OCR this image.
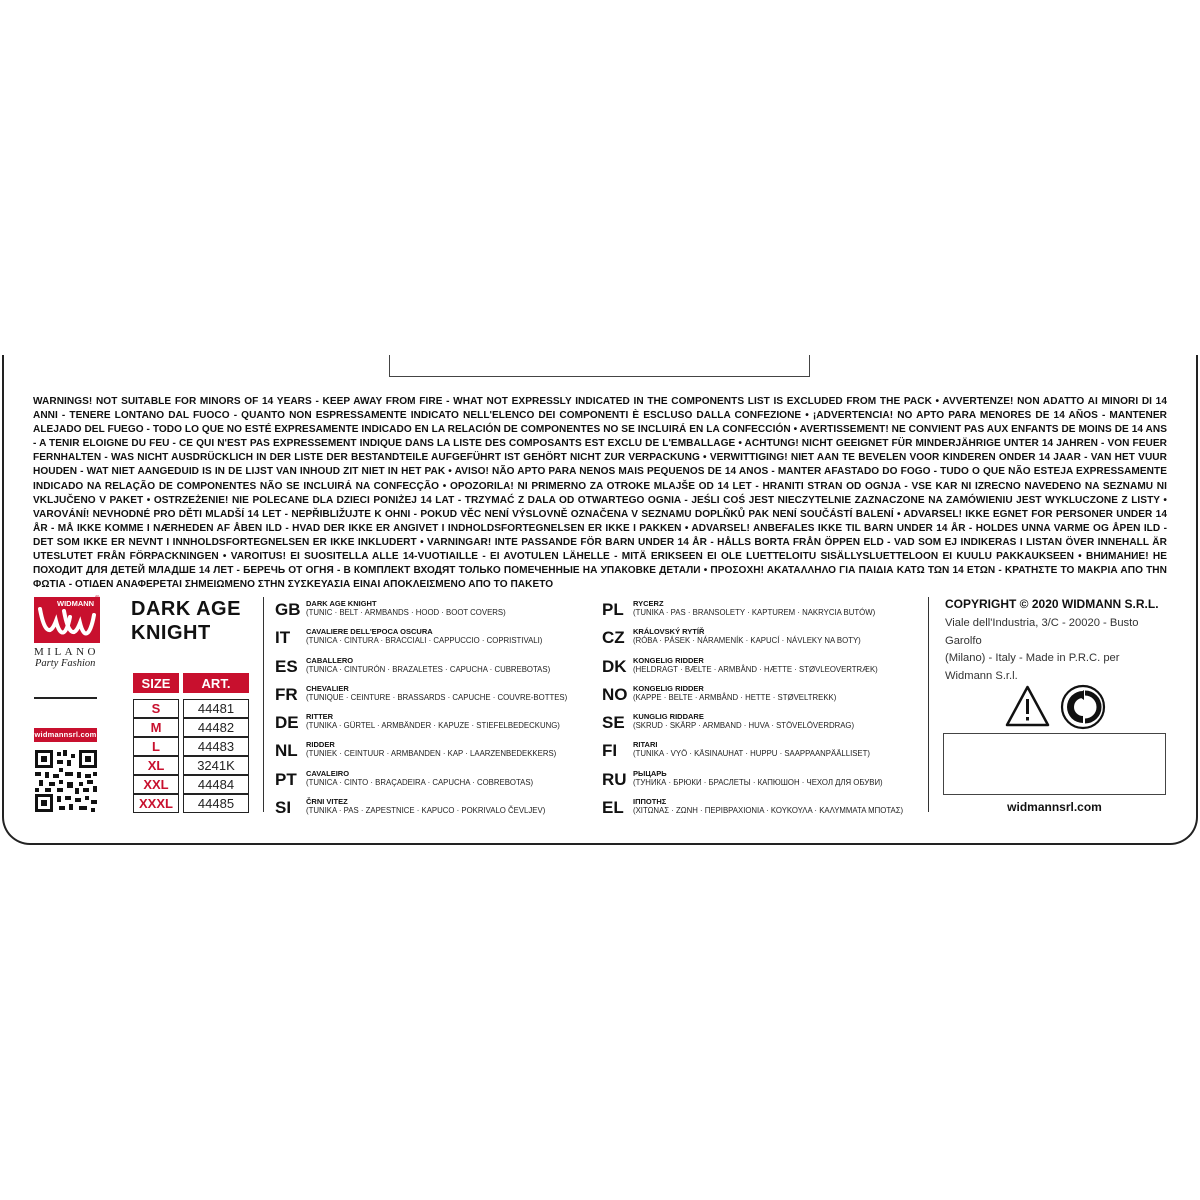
WARNINGS! NOT SUITABLE FOR MINORS OF 14 YEARS - KEEP AWAY FROM FIRE - WHAT NOT EXPRESSLY INDICATED IN THE COMPONENTS LIST IS EXCLUDED FROM THE PACK • AVVERTENZE! NON ADATTO AI MINORI DI 14 ANNI - TENERE LONTANO DAL FUOCO - QUANTO NON ESPRESSAMENTE INDICATO NELL'ELENCO DEI COMPONENTI È ESCLUSO DALLA CONFEZIONE • ¡ADVERTENCIA! NO APTO PARA MENORES DE 14 AÑOS - MANTENER ALEJADO DEL FUEGO - TODO LO QUE NO ESTÉ EXPRESAMENTE INDICADO EN LA RELACIÓN DE COMPONENTES NO SE INCLUIRÁ EN LA CONFECCIÓN • AVERTISSEMENT! NE CONVIENT PAS AUX ENFANTS DE MOINS DE 14 ANS - A TENIR ELOIGNE DU FEU - CE QUI N'EST PAS EXPRESSEMENT INDIQUE DANS LA LISTE DES COMPOSANTS EST EXCLU DE L'EMBALLAGE • ACHTUNG! NICHT GEEIGNET FÜR MINDERJÄHRIGE UNTER 14 JAHREN - VON FEUER FERNHALTEN - WAS NICHT AUSDRÜCKLICH IN DER LISTE DER BESTANDTEILE AUFGEFÜHRT IST GEHÖRT NICHT ZUR VERPACKUNG • VERWITTIGING! NIET AAN TE BEVELEN VOOR KINDEREN ONDER 14 JAAR - VAN HET VUUR HOUDEN - WAT NIET AANGEDUID IS IN DE LIJST VAN INHOUD ZIT NIET IN HET PAK • AVISO! NÃO APTO PARA NENOS MAIS PEQUENOS DE 14 ANOS - MANTER AFASTADO DO FOGO - TUDO O QUE NÃO ESTEJA EXPRESSAMENTE INDICADO NA RELAÇÃO DE COMPONENTES NÃO SE INCLUIRÁ NA CONFECÇÃO • OPOZORILA! NI PRIMERNO ZA OTROKE MLAJŠE OD 14 LET - HRANITI STRAN OD OGNJA - VSE KAR NI IZRECNO NAVEDENO NA SEZNAMU NI VKLJUČENO V PAKET • OSTRZEŻENIE! NIE POLECANE DLA DZIECI PONIŻEJ 14 LAT - TRZYMAĆ Z DALA OD OTWARTEGO OGNIA - JEŚLI COŚ JEST NIECZYTELNIE ZAZNACZONE NA ZAMÓWIENIU JEST WYKLUCZONE Z LISTY • VAROVÁNÍ! NEVHODNÉ PRO DĚTI MLADŠÍ 14 LET - NEPŘIBLIŽUJTE K OHNI - POKUD VĚC NENÍ VÝSLOVNĚ OZNAČENA V SEZNAMU DOPLŇKŮ PAK NENÍ SOUČÁSTÍ BALENÍ • ADVARSEL! IKKE EGNET FOR PERSONER UNDER 14 ÅR - MÅ IKKE KOMME I NÆRHEDEN AF ÅBEN ILD - HVAD DER IKKE ER ANGIVET I INDHOLDSFORTEGNELSEN ER IKKE I PAKKEN • ADVARSEL! ANBEFALES IKKE TIL BARN UNDER 14 ÅR - HOLDES UNNA VARME OG ÅPEN ILD - DET SOM IKKE ER NEVNT I INNHOLDSFORTEGNELSEN ER IKKE INKLUDERT • VARNINGAR! INTE PASSANDE FÖR BARN UNDER 14 ÅR - HÅLLS BORTA FRÅN ÖPPEN ELD - VAD SOM EJ INDIKERAS I LISTAN ÖVER INNEHALL ÄR UTESLUTET FRÅN FÖRPACKNINGEN • VAROITUS! EI SUOSITELLA ALLE 14-VUOTIAILLE - EI AVOTULEN LÄHELLE - MITÄ ERIKSEEN EI OLE LUETTELOITU SISÄLLYSLUETTELOON EI KUULU PAKKAUKSEEN • ВНИМАНИЕ! НЕ ПОХОДИТ ДЛЯ ДЕТЕЙ МЛАДШЕ 14 ЛЕТ - БЕРЕЧЬ ОТ ОГНЯ - В КОМПЛЕКТ ВХОДЯТ ТОЛЬКО ПОМЕЧЕННЫЕ НА УПАКОВКЕ ДЕТАЛИ • ΠΡΟΣΟΧΗ! ΑΚΑΤΑΛΛΗΛΟ ΓΙΑ ΠΑΙΔΙΑ ΚΑΤΩ ΤΩΝ 14 ΕΤΩΝ - ΚΡΑΤΗΣΤΕ ΤΟ ΜΑΚΡΙΑ ΑΠΟ ΤΗΝ ΦΩΤΙΑ - ΟΤΙΔΕΝ ΑΝΑΦΕΡΕΤΑΙ ΣΗΜΕΙΩΜΕΝΟ ΣΤΗΝ ΣΥΣΚΕΥΑΣΙΑ ΕΙΝΑΙ ΑΠΟΚΛΕΙΣΜΕΝΟ ΑΠΟ ΤΟ ΠΑΚΕΤΟ
WIDMANN ®
MILANO
Party Fashion
widmannsrl.com
DARK AGE
KNIGHT
SIZE	ART.
S	44481
M	44482
L	44483
XL	3241K
XXL	44484
XXXL	44485
GB DARK AGE KNIGHT
(TUNIC · BELT · ARMBANDS · HOOD · BOOT COVERS)
IT CAVALIERE DELL'EPOCA OSCURA
(TUNICA · CINTURA · BRACCIALI · CAPPUCCIO · COPRISTIVALI)
ES CABALLERO
(TUNICA · CINTURÓN · BRAZALETES · CAPUCHA · CUBREBOTAS)
FR CHEVALIER
(TUNIQUE · CEINTURE · BRASSARDS · CAPUCHE · COUVRE-BOTTES)
DE RITTER
(TUNIKA · GÜRTEL · ARMBÄNDER · KAPUZE · STIEFELBEDECKUNG)
NL RIDDER
(TUNIEK · CEINTUUR · ARMBANDEN · KAP · LAARZENBEDEKKERS)
PT CAVALEIRO
(TUNICA · CINTO · BRAÇADEIRA · CAPUCHA · COBREBOTAS)
SI ČRNI VITEZ
(TUNIKA · PAS · ZAPESTNICE · KAPUCO · POKRIVALO ČEVLJEV)
PL RYCERZ
(TUNIKA · PAS · BRANSOLETY · KAPTUREM · NAKRYCIA BUTÓW)
CZ KRÁLOVSKÝ RYTÍŘ
(RÓBA · PÁSEK · NÁRAMENÍK · KAPUCÍ · NÁVLEKY NA BOTY)
DK KONGELIG RIDDER
(HELDRAGT · BÆLTE · ARMBÅND · HÆTTE · STØVLEOVERTRÆK)
NO KONGELIG RIDDER
(KAPPE · BELTE · ARMBÅND · HETTE · STØVELTREKK)
SE KUNGLIG RIDDARE
(SKRUD · SKÄRP · ARMBAND · HUVA · STÖVELÖVERDRAG)
FI RITARI
(TUNIKA · VYÖ · KÄSINAUHAT · HUPPU · SAAPPAANPÄÄLLISET)
RU РЫЦАРЬ
(ТУНИКА · БРЮКИ · БРАСЛЕТЫ · КАПЮШОН · ЧЕХОЛ ДЛЯ ОБУВИ)
EL ΙΠΠΟΤΗΣ
(ΧΙΤΩΝΑΣ · ΖΩΝΗ · ΠΕΡΙΒΡΑΧΙΟΝΙΑ · ΚΟΥΚΟΥΛΑ · ΚΑΛΥΜΜΑΤΑ ΜΠΟΤΑΣ)
COPYRIGHT © 2020 WIDMANN S.R.L.
Viale dell'Industria, 3/C - 20020 - Busto Garolfo
(Milano) - Italy - Made in P.R.C. per Widmann S.r.l.
widmannsrl.com
